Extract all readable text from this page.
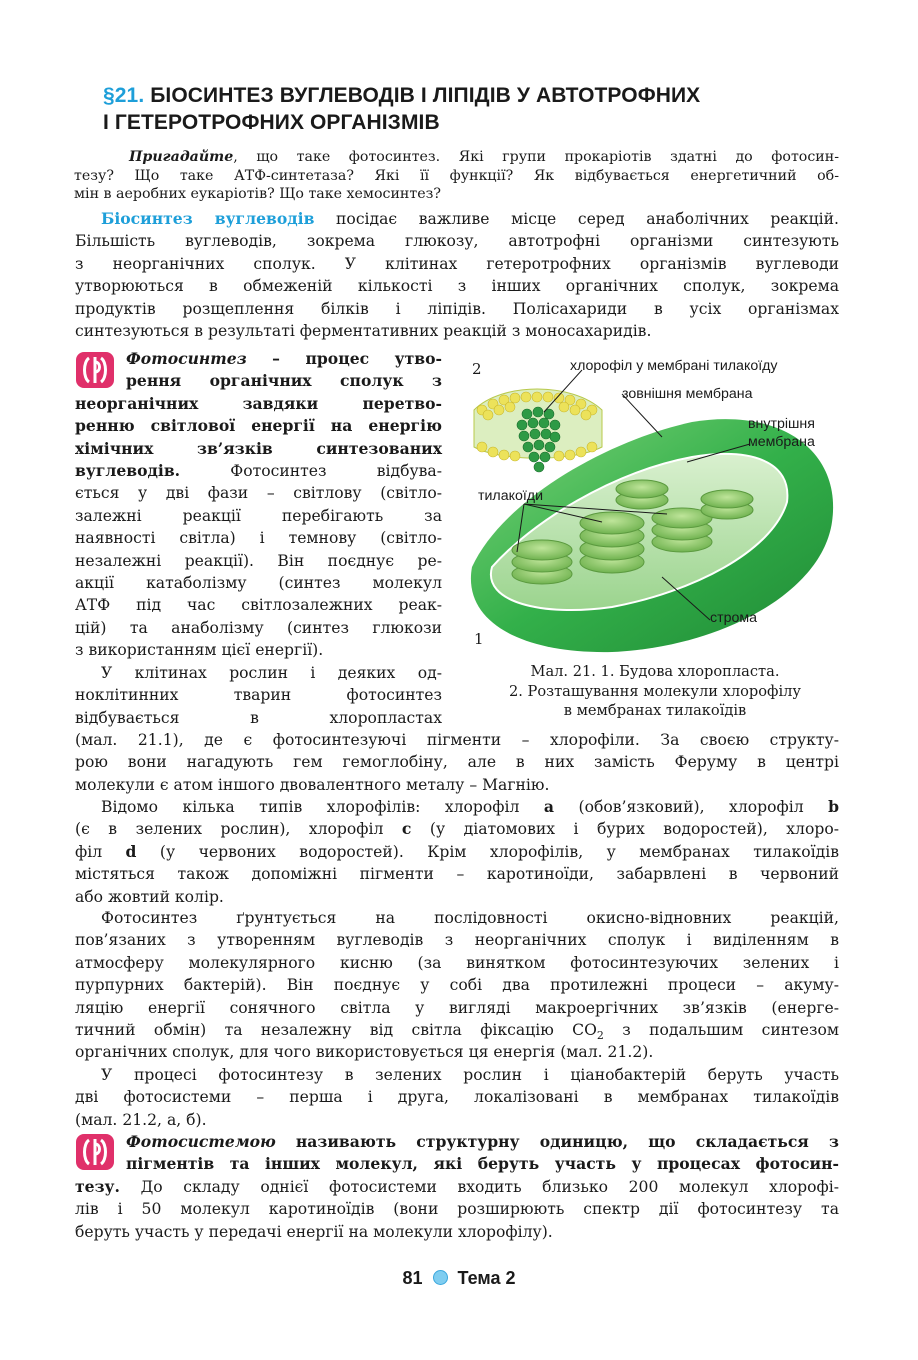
§21. БІОСИНТЕЗ ВУГЛЕВОДІВ І ЛІПІДІВ У АВТОТРОФНИХ
І ГЕТЕРОТРОФНИХ ОРГАНІЗМІВ
Пригадайте, що таке фотосинтез. Які групи прокаріотів здатні до фотосин-
тезу? Що таке АТФ-синтетаза? Які її функції? Як відбувається енергетичний об-
мін в аеробних еукаріотів? Що таке хемосинтез?
Біосинтез вуглеводів посідає важливе місце серед анаболічних реакцій.
Більшість вуглеводів, зокрема глюкозу, автотрофні організми синтезують
з неорганічних сполук. У клітинах гетеротрофних організмів вуглеводи
утворюються в обмеженій кількості з інших органічних сполук, зокрема
продуктів розщеплення білків і ліпідів. Полісахариди в усіх організмах
синтезуються в результаті ферментативних реакцій з моносахаридів.
Фотосинтез – процес утво-
рення органічних сполук з
неорганічних завдяки перетво-
ренню світлової енергії на енергію
хімічних зв’язків синтезованих
вуглеводів. Фотосинтез відбува-
ється у дві фази – світлову (світло-
залежні реакції перебігають за
наявності світла) і темнову (світло-
незалежні реакції). Він поєднує ре-
акції катаболізму (синтез молекул
АТФ під час світлозалежних реак-
цій) та анаболізму (синтез глюкози
з використанням цієї енергії).
У клітинах рослин і деяких од-
ноклітинних тварин фотосинтез
відбувається в хлоропластах
2
1
хлорофіл у мембрані тилакоїду
зовнішня мембрана
внутрішня
мембрана
тилакоїди
строма
Мал. 21. 1. Будова хлоропласта.
2. Розташування молекули хлорофілу
в мембранах тилакоїдів
(мал. 21.1), де є фотосинтезуючі пігменти – хлорофіли. За своєю структу-
рою вони нагадують гем гемоглобіну, але в них замість Феруму в центрі
молекули є атом іншого двовалентного металу – Магнію.
Відомо кілька типів хлорофілів: хлорофіл a (обов’язковий), хлорофіл b
(є в зелених рослин), хлорофіл c (у діатомових і бурих водоростей), хлоро-
філ d (у червоних водоростей). Крім хлорофілів, у мембранах тилакоїдів
містяться також допоміжні пігменти – каротиноїди, забарвлені в червоний
або жовтий колір.
Фотосинтез ґрунтується на послідовності окисно-відновних реакцій,
пов’язаних з утворенням вуглеводів з неорганічних сполук і виділенням в
атмосферу молекулярного кисню (за винятком фотосинтезуючих зелених і
пурпурних бактерій). Він поєднує у собі два протилежні процеси – акуму-
ляцію енергії сонячного світла у вигляді макроергічних зв’язків (енерге-
тичний обмін) та незалежну від світла фіксацію $CO_2$ з подальшим синтезом
органічних сполук, для чого використовується ця енергія (мал. 21.2).
У процесі фотосинтезу в зелених рослин і ціанобактерій беруть участь
дві фотосистеми – перша і друга, локалізовані в мембранах тилакоїдів
(мал. 21.2, а, б).
Фотосистемою називають структурну одиницю, що складається з
пігментів та інших молекул, які беруть участь у процесах фотосин-
тезу. До складу однієї фотосистеми входить близько 200 молекул хлорофі-
лів і 50 молекул каротиноїдів (вони розширюють спектр дії фотосинтезу та
беруть участь у передачі енергії на молекули хлорофілу).
81 Тема 2
